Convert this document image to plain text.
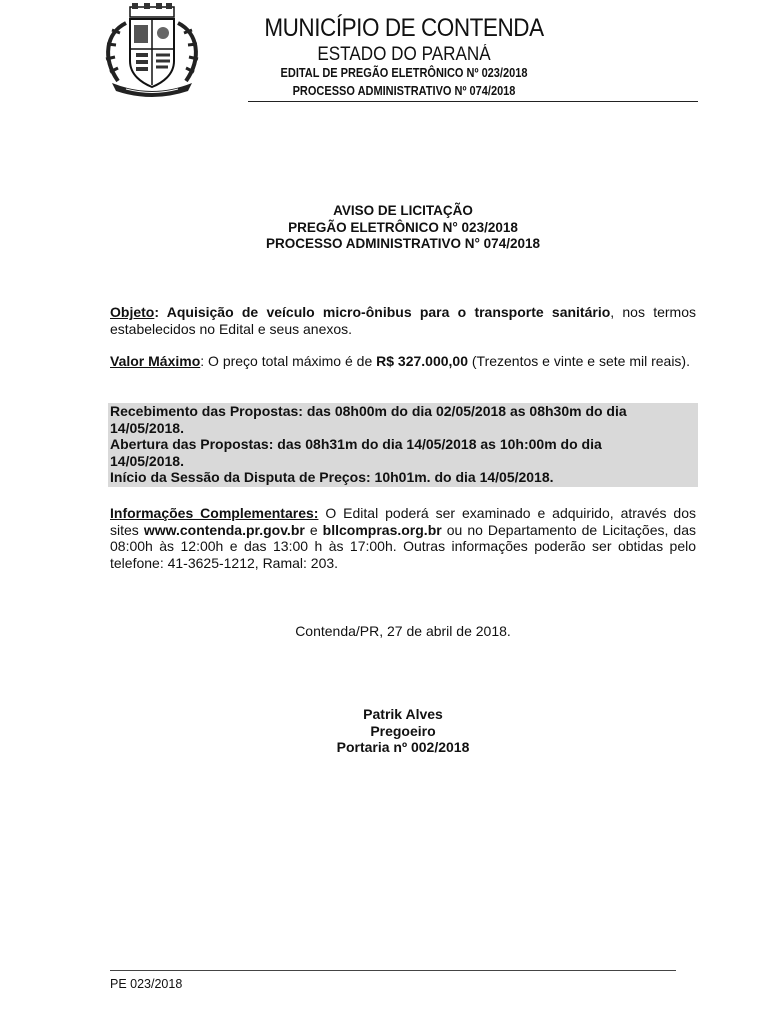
MUNICÍPIO DE CONTENDA
ESTADO DO PARANÁ
EDITAL DE PREGÃO ELETRÔNICO Nº 023/2018
PROCESSO ADMINISTRATIVO Nº 074/2018
AVISO DE LICITAÇÃO
PREGÃO ELETRÔNICO N° 023/2018
PROCESSO ADMINISTRATIVO N° 074/2018
Objeto: Aquisição de veículo micro-ônibus para o transporte sanitário, nos termos estabelecidos no Edital e seus anexos.
Valor Máximo: O preço total máximo é de R$ 327.000,00 (Trezentos e vinte e sete mil reais).
Recebimento das Propostas: das 08h00m do dia 02/05/2018 as 08h30m do dia
14/05/2018.
Abertura das Propostas: das 08h31m do dia 14/05/2018 as 10h:00m do dia
14/05/2018.
Início da Sessão da Disputa de Preços: 10h01m. do dia 14/05/2018.
Informações Complementares: O Edital poderá ser examinado e adquirido, através dos sites www.contenda.pr.gov.br e bllcompras.org.br ou no Departamento de Licitações, das 08:00h às 12:00h e das 13:00 h às 17:00h. Outras informações poderão ser obtidas pelo telefone: 41-3625-1212, Ramal: 203.
Contenda/PR, 27 de abril de 2018.
Patrik Alves
Pregoeiro
Portaria nº 002/2018
PE 023/2018
